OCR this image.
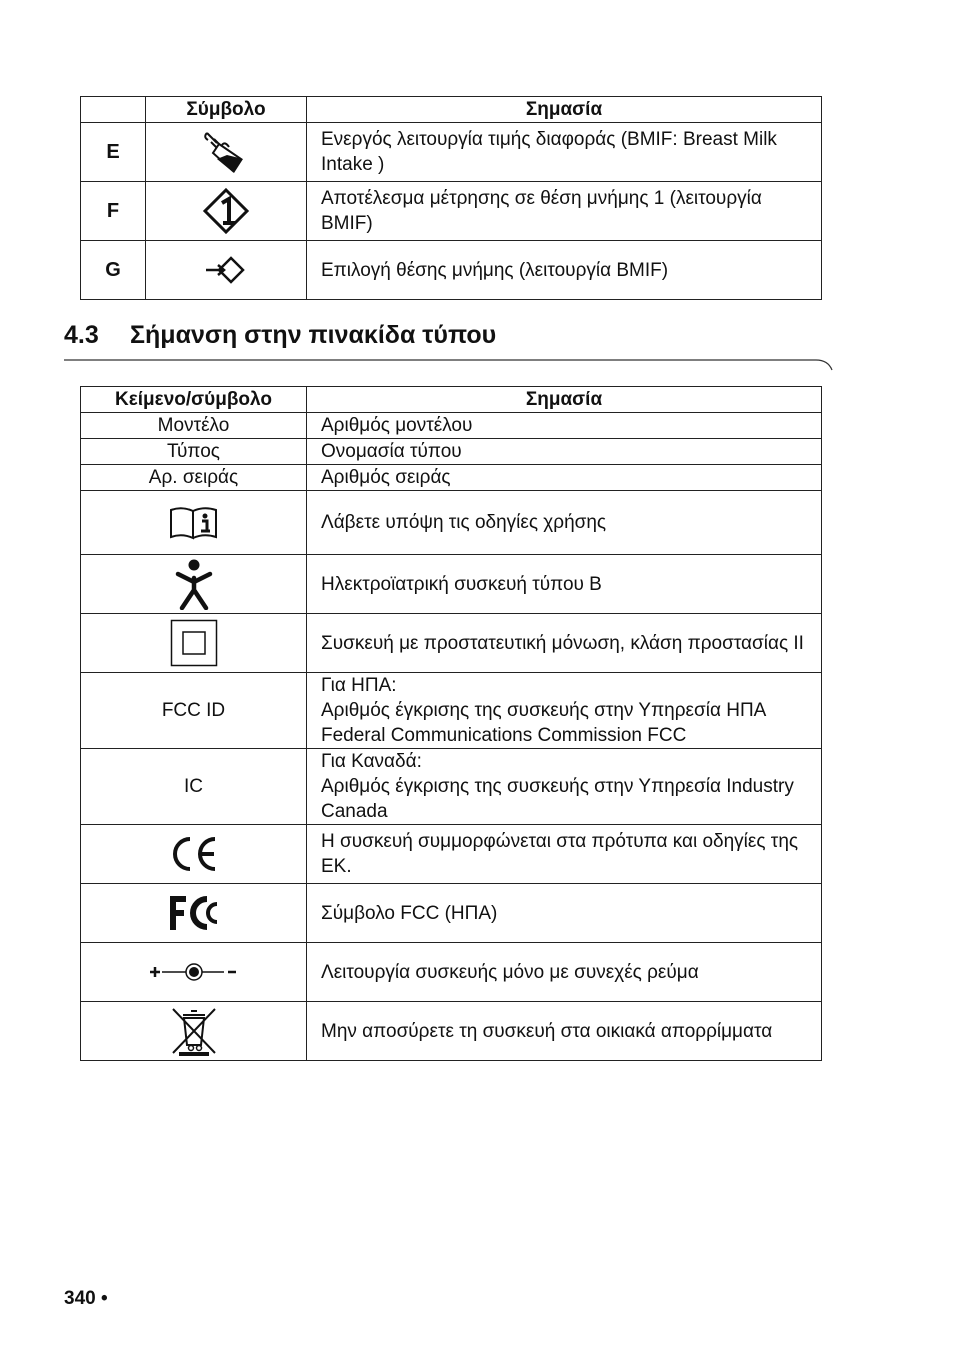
	Σύμβολο	Σημασία
E		Ενεργός λειτουργία τιμής διαφοράς (BMIF: Breast Milk Intake )
F		Αποτέλεσμα μέτρησης σε θέση μνήμης 1 (λειτουργία BMIF)
G		Επιλογή θέσης μνήμης (λειτουργία BMIF)
4.3 Σήμανση στην πινακίδα τύπου
Κείμενο/σύμβολο	Σημασία
Μοντέλο	Αριθμός μοντέλου
Τύπος	Ονομασία τύπου
Αρ. σειράς	Αριθμός σειράς

	Λάβετε υπόψη τις οδηγίες χρήσης

	Ηλεκτροϊατρική συσκευή τύπου B

	Συσκευή με προστατευτική μόνωση, κλάση προστασίας II
FCC ID	Για ΗΠΑ:
Αριθμός έγκρισης της συσκευής στην Υπηρεσία ΗΠΑ
Federal Communications Commission FCC

IC	Για Καναδά:
Αριθμός έγκρισης της συσκευής στην Υπηρεσία Industry Canada

	Η συσκευή συμμορφώνεται στα πρότυπα και οδηγίες της ΕΚ.

	Σύμβολο FCC (ΗΠΑ)

	Λειτουργία συσκευής μόνο με συνεχές ρεύμα

	Μην αποσύρετε τη συσκευή στα οικιακά απορρίμματα
340 •
